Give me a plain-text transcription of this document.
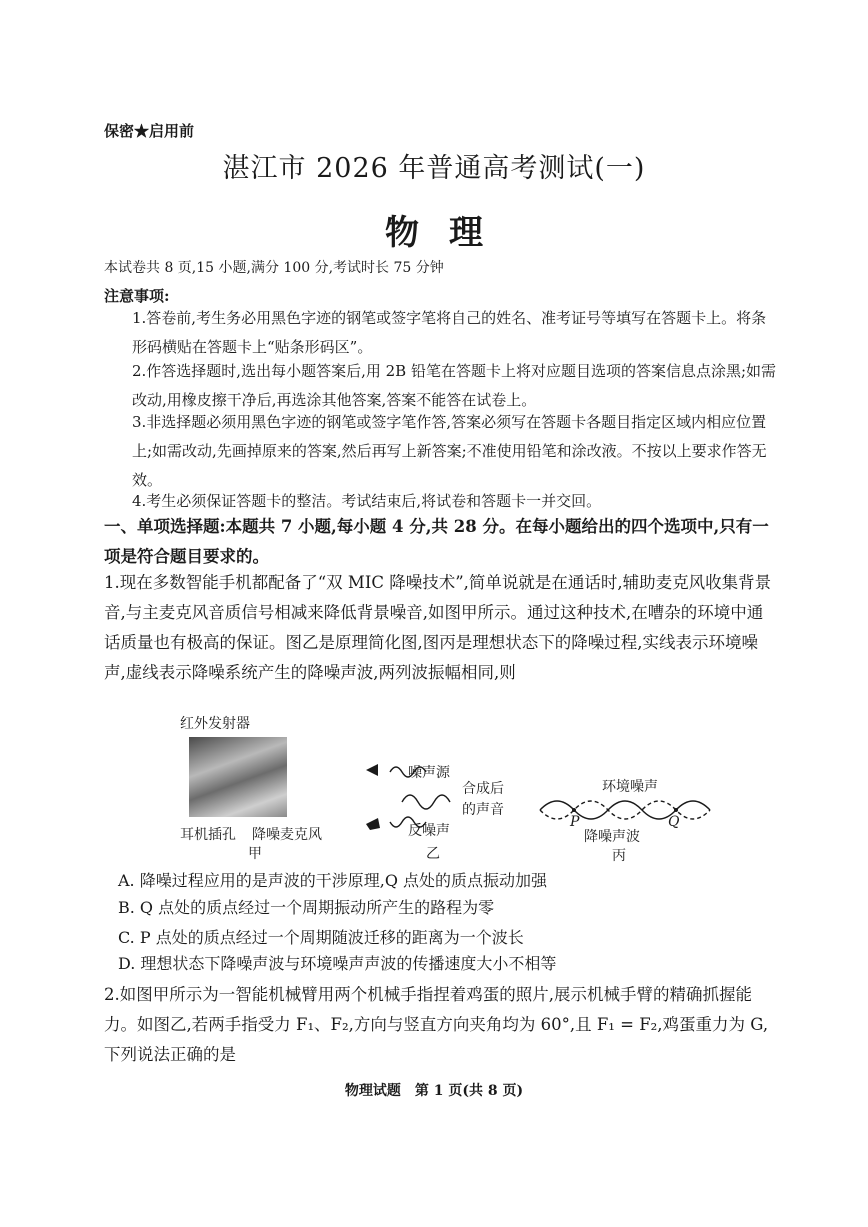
保密★启用前
湛江市 2026 年普通高考测试(一)
物理
本试卷共 8 页,15 小题,满分 100 分,考试时长 75 分钟
注意事项:
1.答卷前,考生务必用黑色字迹的钢笔或签字笔将自己的姓名、准考证号等填写在答题卡上。将条形码横贴在答题卡上“贴条形码区”。
2.作答选择题时,选出每小题答案后,用 2B 铅笔在答题卡上将对应题目选项的答案信息点涂黑;如需改动,用橡皮擦干净后,再选涂其他答案,答案不能答在试卷上。
3.非选择题必须用黑色字迹的钢笔或签字笔作答,答案必须写在答题卡各题目指定区域内相应位置上;如需改动,先画掉原来的答案,然后再写上新答案;不准使用铅笔和涂改液。不按以上要求作答无效。
4.考生必须保证答题卡的整洁。考试结束后,将试卷和答题卡一并交回。
一、单项选择题:本题共 7 小题,每小题 4 分,共 28 分。在每小题给出的四个选项中,只有一项是符合题目要求的。
1.现在多数智能手机都配备了“双 MIC 降噪技术”,简单说就是在通话时,辅助麦克风收集背景音,与主麦克风音质信号相减来降低背景噪音,如图甲所示。通过这种技术,在嘈杂的环境中通话质量也有极高的保证。图乙是原理简化图,图丙是理想状态下的降噪过程,实线表示环境噪声,虚线表示降噪系统产生的降噪声波,两列波振幅相同,则
红外发射器
耳机插孔 降噪麦克风
甲
噪声源
合成后
的声音
反噪声
乙
环境噪声
P	Q
降噪声波
丙
A. 降噪过程应用的是声波的干涉原理,Q 点处的质点振动加强
B. Q 点处的质点经过一个周期振动所产生的路程为零
C. P 点处的质点经过一个周期随波迁移的距离为一个波长
D. 理想状态下降噪声波与环境噪声声波的传播速度大小不相等
2.如图甲所示为一智能机械臂用两个机械手指捏着鸡蛋的照片,展示机械手臂的精确抓握能力。如图乙,若两手指受力 F₁、F₂,方向与竖直方向夹角均为 60°,且 F₁ = F₂,鸡蛋重力为 G,下列说法正确的是
物理试题　第 1 页(共 8 页)
